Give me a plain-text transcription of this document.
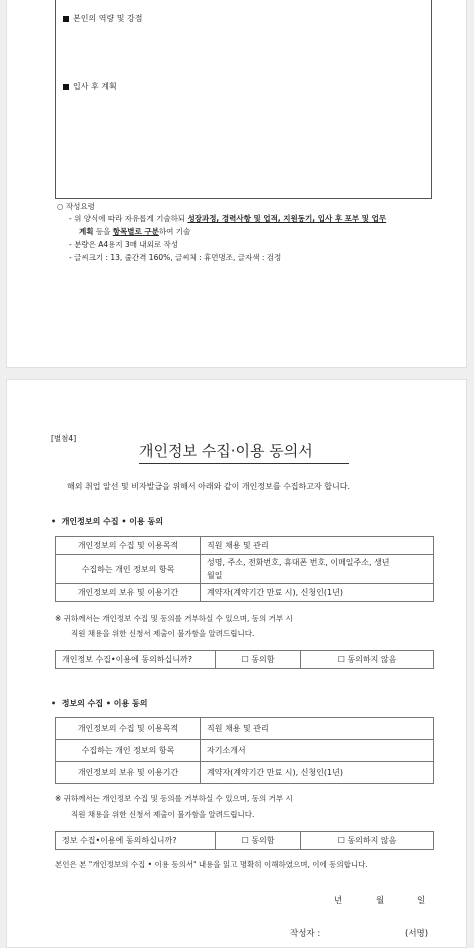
본인의 역량 및 강점
입사 후 계획
○ 작성요령
- 위 양식에 따라 자유롭게 기술하되 성장과정, 경력사항 및 업적, 지원동기, 입사 후 포부 및 업무
계획 등을 항목별로 구분하여 기술
- 분량은 A4용지 3매 내외로 작성
- 글씨크기 : 13, 줄간격 160%, 글씨체 : 휴먼명조, 글자색 : 검정
[별첨4]
개인정보 수집·이용 동의서
해외 취업 알선 및 비자발급을 위해서 아래와 같이 개인정보를 수집하고자 합니다.
•  개인정보의 수집 • 이용 동의
개인정보의 수집 및 이용목적	직원 채용 및 관리
수집하는 개인 정보의 항목	성명, 주소, 전화번호, 휴대폰 번호, 이메일주소, 생년월일
개인정보의 보유 및 이용기간	계약자(계약기간 만료 시), 신청인(1년)
※ 귀하께서는 개인정보 수집 및 동의를 거부하실 수 있으며, 동의 거부 시
직원 채용을 위한 신청서 제출이 불가함을 알려드립니다.
개인정보 수집•이용에 동의하십니까?	☐ 동의함	☐ 동의하지 않음
•  정보의 수집 • 이용 동의
개인정보의 수집 및 이용목적	직원 채용 및 관리
수집하는 개인 정보의 항목	자기소개서
개인정보의 보유 및 이용기간	계약자(계약기간 만료 시), 신청인(1년)
※ 귀하께서는 개인정보 수집 및 동의를 거부하실 수 있으며, 동의 거부 시
직원 채용을 위한 신청서 제출이 불가함을 알려드립니다.
정보 수집•이용에 동의하십니까?	☐ 동의함	☐ 동의하지 않음
본인은 본 "개인정보의 수집 • 이용 동의서" 내용을 읽고 명확히 이해하였으며, 이에 동의합니다.
년	월	일
작성자 :	(서명)
